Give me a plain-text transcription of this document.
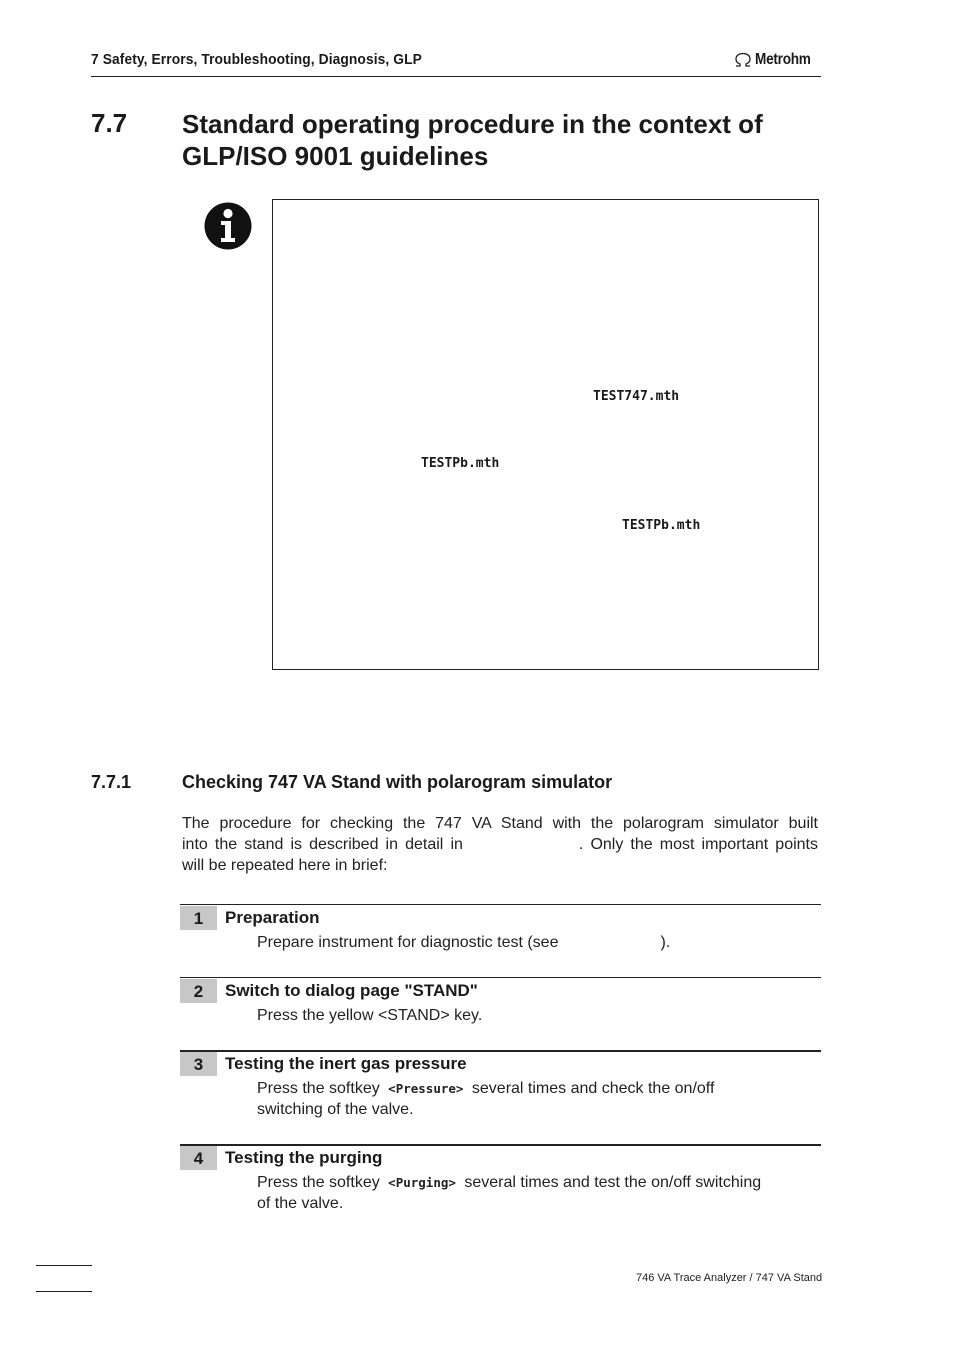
7 Safety, Errors, Troubleshooting, Diagnosis, GLP	Metrohm
7.7 Standard operating procedure in the context of GLP/ISO 9001 guidelines
TEST747.mth
TESTPb.mth
TESTPb.mth
7.7.1	Checking 747 VA Stand with polarogram simulator
The procedure for checking the 747 VA Stand with the polarogram simulator built
into the stand is described in detail in	. Only the most important points
will be repeated here in brief:
1	Preparation
Prepare instrument for diagnostic test (see	).
2	Switch to dialog page "STAND"
Press the yellow <STAND> key.
3	Testing the inert gas pressure
Press the softkey <Pressure> several times and check the on/off
switching of the valve.
4	Testing the purging
Press the softkey <Purging> several times and test the on/off switching
of the valve.
746 VA Trace Analyzer / 747 VA Stand
